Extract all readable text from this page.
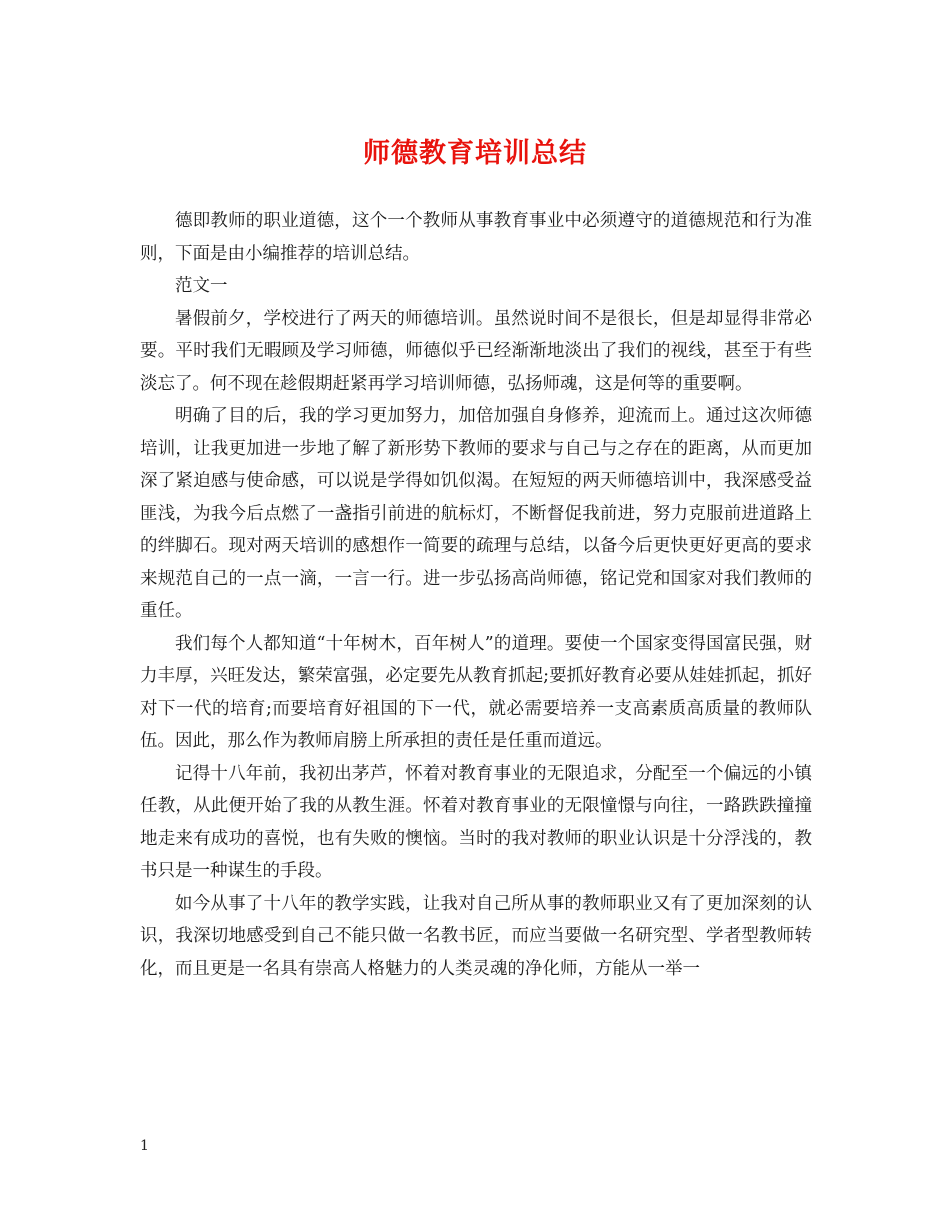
师德教育培训总结

德即教师的职业道德，这个一个教师从事教育事业中必须遵守的道德规范和行为准则，下面是由小编推荐的培训总结。

范文一

暑假前夕，学校进行了两天的师德培训。虽然说时间不是很长，但是却显得非常必要。平时我们无暇顾及学习师德，师德似乎已经渐渐地淡出了我们的视线，甚至于有些淡忘了。何不现在趁假期赶紧再学习培训师德，弘扬师魂，这是何等的重要啊。

明确了目的后，我的学习更加努力，加倍加强自身修养，迎流而上。通过这次师德培训，让我更加进一步地了解了新形势下教师的要求与自己与之存在的距离，从而更加深了紧迫感与使命感，可以说是学得如饥似渴。在短短的两天师德培训中，我深感受益匪浅，为我今后点燃了一盏指引前进的航标灯，不断督促我前进，努力克服前进道路上的绊脚石。现对两天培训的感想作一简要的疏理与总结，以备今后更快更好更高的要求来规范自己的一点一滴，一言一行。进一步弘扬高尚师德，铭记党和国家对我们教师的重任。

我们每个人都知道“十年树木，百年树人”的道理。要使一个国家变得国富民强，财力丰厚，兴旺发达，繁荣富强，必定要先从教育抓起;要抓好教育必要从娃娃抓起，抓好对下一代的培育;而要培育好祖国的下一代，就必需要培养一支高素质高质量的教师队伍。因此，那么作为教师肩膀上所承担的责任是任重而道远。

记得十八年前，我初出茅芦，怀着对教育事业的无限追求，分配至一个偏远的小镇任教，从此便开始了我的从教生涯。怀着对教育事业的无限憧憬与向往，一路跌跌撞撞地走来有成功的喜悦，也有失败的懊恼。当时的我对教师的职业认识是十分浮浅的，教书只是一种谋生的手段。

如今从事了十八年的教学实践，让我对自己所从事的教师职业又有了更加深刻的认识，我深切地感受到自己不能只做一名教书匠，而应当要做一名研究型、学者型教师转化，而且更是一名具有崇高人格魅力的人类灵魂的净化师，方能从一举一

1
